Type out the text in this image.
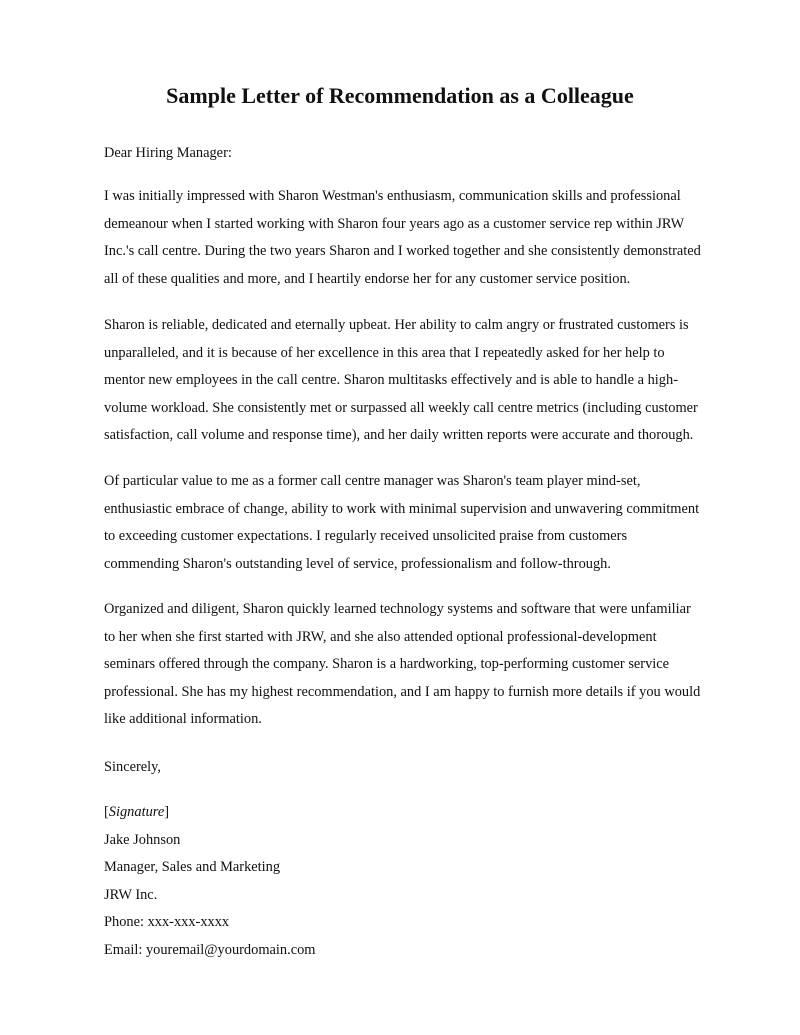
Sample Letter of Recommendation as a Colleague

Dear Hiring Manager:

I was initially impressed with Sharon Westman's enthusiasm, communication skills and professional demeanour when I started working with Sharon four years ago as a customer service rep within JRW Inc.'s call centre. During the two years Sharon and I worked together and she consistently demonstrated all of these qualities and more, and I heartily endorse her for any customer service position.

Sharon is reliable, dedicated and eternally upbeat. Her ability to calm angry or frustrated customers is unparalleled, and it is because of her excellence in this area that I repeatedly asked for her help to mentor new employees in the call centre. Sharon multitasks effectively and is able to handle a high-volume workload. She consistently met or surpassed all weekly call centre metrics (including customer satisfaction, call volume and response time), and her daily written reports were accurate and thorough.

Of particular value to me as a former call centre manager was Sharon's team player mind-set, enthusiastic embrace of change, ability to work with minimal supervision and unwavering commitment to exceeding customer expectations. I regularly received unsolicited praise from customers commending Sharon's outstanding level of service, professionalism and follow-through.

Organized and diligent, Sharon quickly learned technology systems and software that were unfamiliar to her when she first started with JRW, and she also attended optional professional-development seminars offered through the company. Sharon is a hardworking, top-performing customer service professional. She has my highest recommendation, and I am happy to furnish more details if you would like additional information.

Sincerely,

[Signature]
Jake Johnson
Manager, Sales and Marketing
JRW Inc.
Phone: xxx-xxx-xxxx
Email: youremail@yourdomain.com
